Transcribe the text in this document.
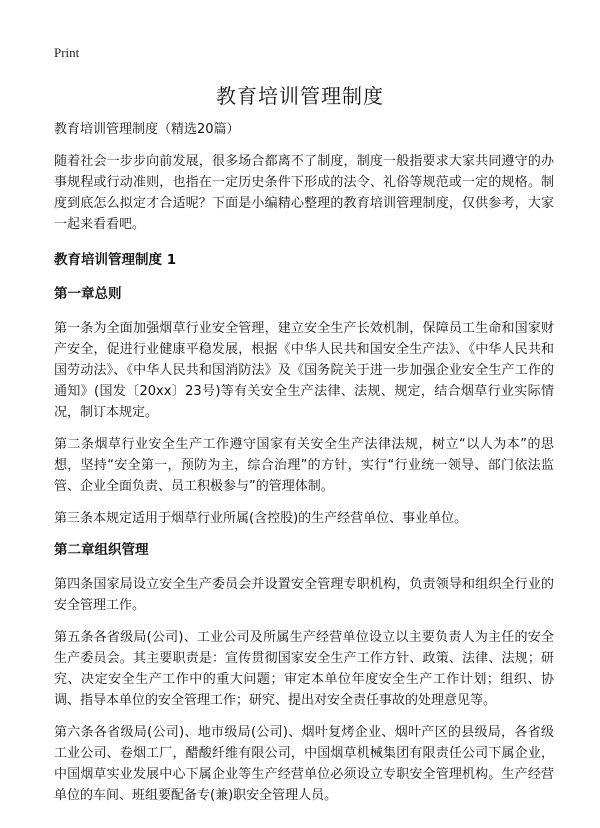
Print
教育培训管理制度

教育培训管理制度（精选20篇）

随着社会一步步向前发展，很多场合都离不了制度，制度一般指要求大家共同遵守的办事规程或行动准则，也指在一定历史条件下形成的法令、礼俗等规范或一定的规格。制度到底怎么拟定才合适呢？下面是小编精心整理的教育培训管理制度，仅供参考，大家一起来看看吧。

教育培训管理制度 1

第一章总则

第一条为全面加强烟草行业安全管理，建立安全生产长效机制，保障员工生命和国家财产安全，促进行业健康平稳发展，根据《中华人民共和国安全生产法》、《中华人民共和国劳动法》、《中华人民共和国消防法》及《国务院关于进一步加强企业安全生产工作的通知》(国发〔20xx〕23号)等有关安全生产法律、法规、规定，结合烟草行业实际情况，制订本规定。

第二条烟草行业安全生产工作遵守国家有关安全生产法律法规，树立“以人为本”的思想，坚持“安全第一，预防为主，综合治理”的方针，实行“行业统一领导、部门依法监管、企业全面负责、员工积极参与”的管理体制。

第三条本规定适用于烟草行业所属(含控股)的生产经营单位、事业单位。

第二章组织管理

第四条国家局设立安全生产委员会并设置安全管理专职机构，负责领导和组织全行业的安全管理工作。

第五条各省级局(公司)、工业公司及所属生产经营单位设立以主要负责人为主任的安全生产委员会。其主要职责是：宣传贯彻国家安全生产工作方针、政策、法律、法规；研究、决定安全生产工作中的重大问题；审定本单位年度安全生产工作计划；组织、协调、指导本单位的安全管理工作；研究、提出对安全责任事故的处理意见等。

第六条各省级局(公司)、地市级局(公司)、烟叶复烤企业、烟叶产区的县级局，各省级工业公司、卷烟工厂，醋酸纤维有限公司，中国烟草机械集团有限责任公司下属企业，中国烟草实业发展中心下属企业等生产经营单位必须设立专职安全管理机构。生产经营单位的车间、班组要配备专(兼)职安全管理人员。
